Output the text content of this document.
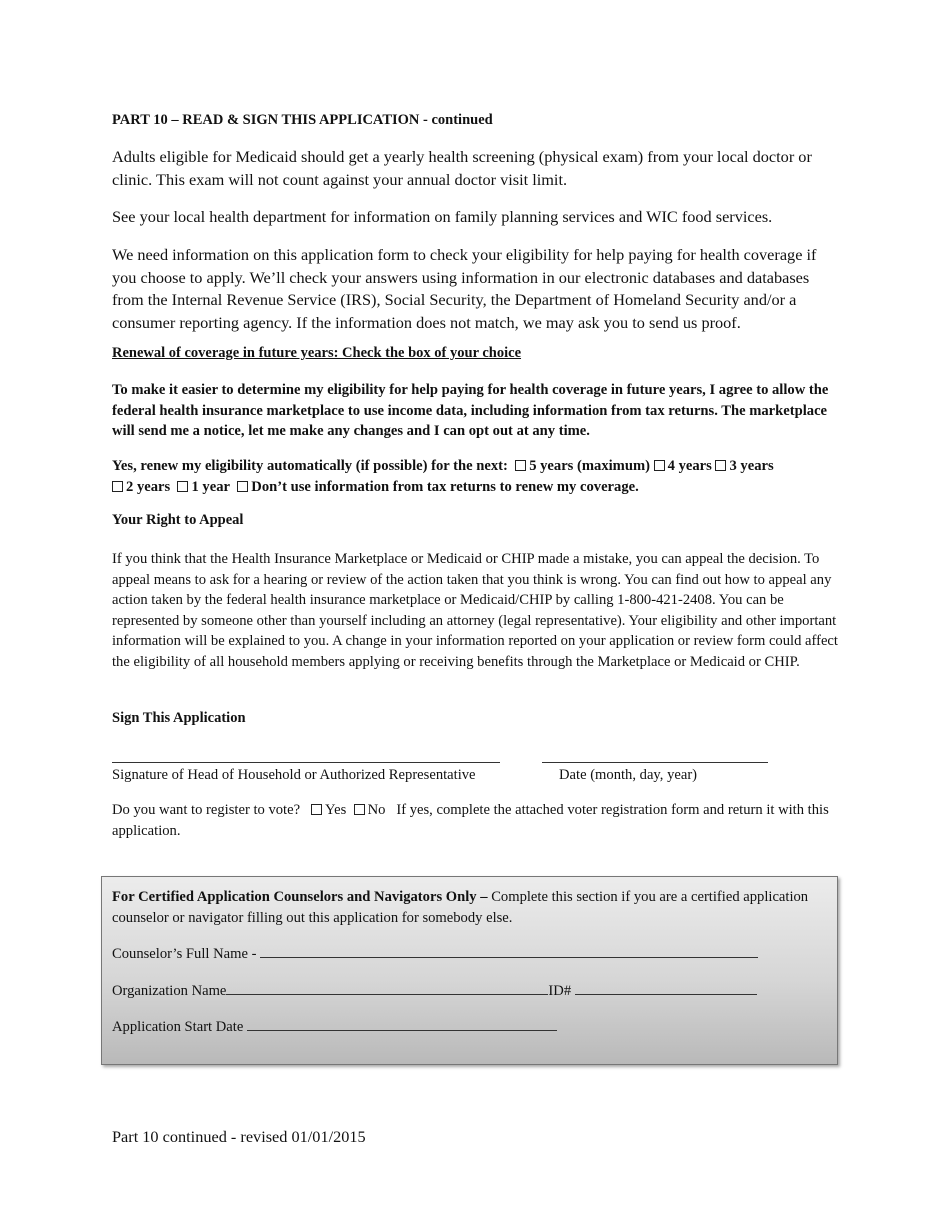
PART 10 – READ & SIGN THIS APPLICATION - continued
Adults eligible for Medicaid should get a yearly health screening (physical exam) from your local doctor or clinic. This exam will not count against your annual doctor visit limit.
See your local health department for information on family planning services and WIC food services.
We need information on this application form to check your eligibility for help paying for health coverage if you choose to apply. We’ll check your answers using information in our electronic databases and databases from the Internal Revenue Service (IRS), Social Security, the Department of Homeland Security and/or a consumer reporting agency. If the information does not match, we may ask you to send us proof.
Renewal of coverage in future years: Check the box of your choice
To make it easier to determine my eligibility for help paying for health coverage in future years, I agree to allow the federal health insurance marketplace to use income data, including information from tax returns. The marketplace will send me a notice, let me make any changes and I can opt out at any time.
Yes, renew my eligibility automatically (if possible) for the next: 5 years (maximum) 4 years 3 years
2 years 1 year Don’t use information from tax returns to renew my coverage.
Your Right to Appeal
If you think that the Health Insurance Marketplace or Medicaid or CHIP made a mistake, you can appeal the decision. To appeal means to ask for a hearing or review of the action taken that you think is wrong. You can find out how to appeal any action taken by the federal health insurance marketplace or Medicaid/CHIP by calling 1-800-421-2408. You can be represented by someone other than yourself including an attorney (legal representative). Your eligibility and other important information will be explained to you. A change in your information reported on your application or review form could affect the eligibility of all household members applying or receiving benefits through the Marketplace or Medicaid or CHIP.
Sign This Application
Signature of Head of Household or Authorized Representative	Date (month, day, year)
Do you want to register to vote? Yes No If yes, complete the attached voter registration form and return it with this application.
For Certified Application Counselors and Navigators Only – Complete this section if you are a certified application counselor or navigator filling out this application for somebody else.
Counselor’s Full Name -
Organization Name	ID#
Application Start Date
Part 10 continued - revised 01/01/2015
